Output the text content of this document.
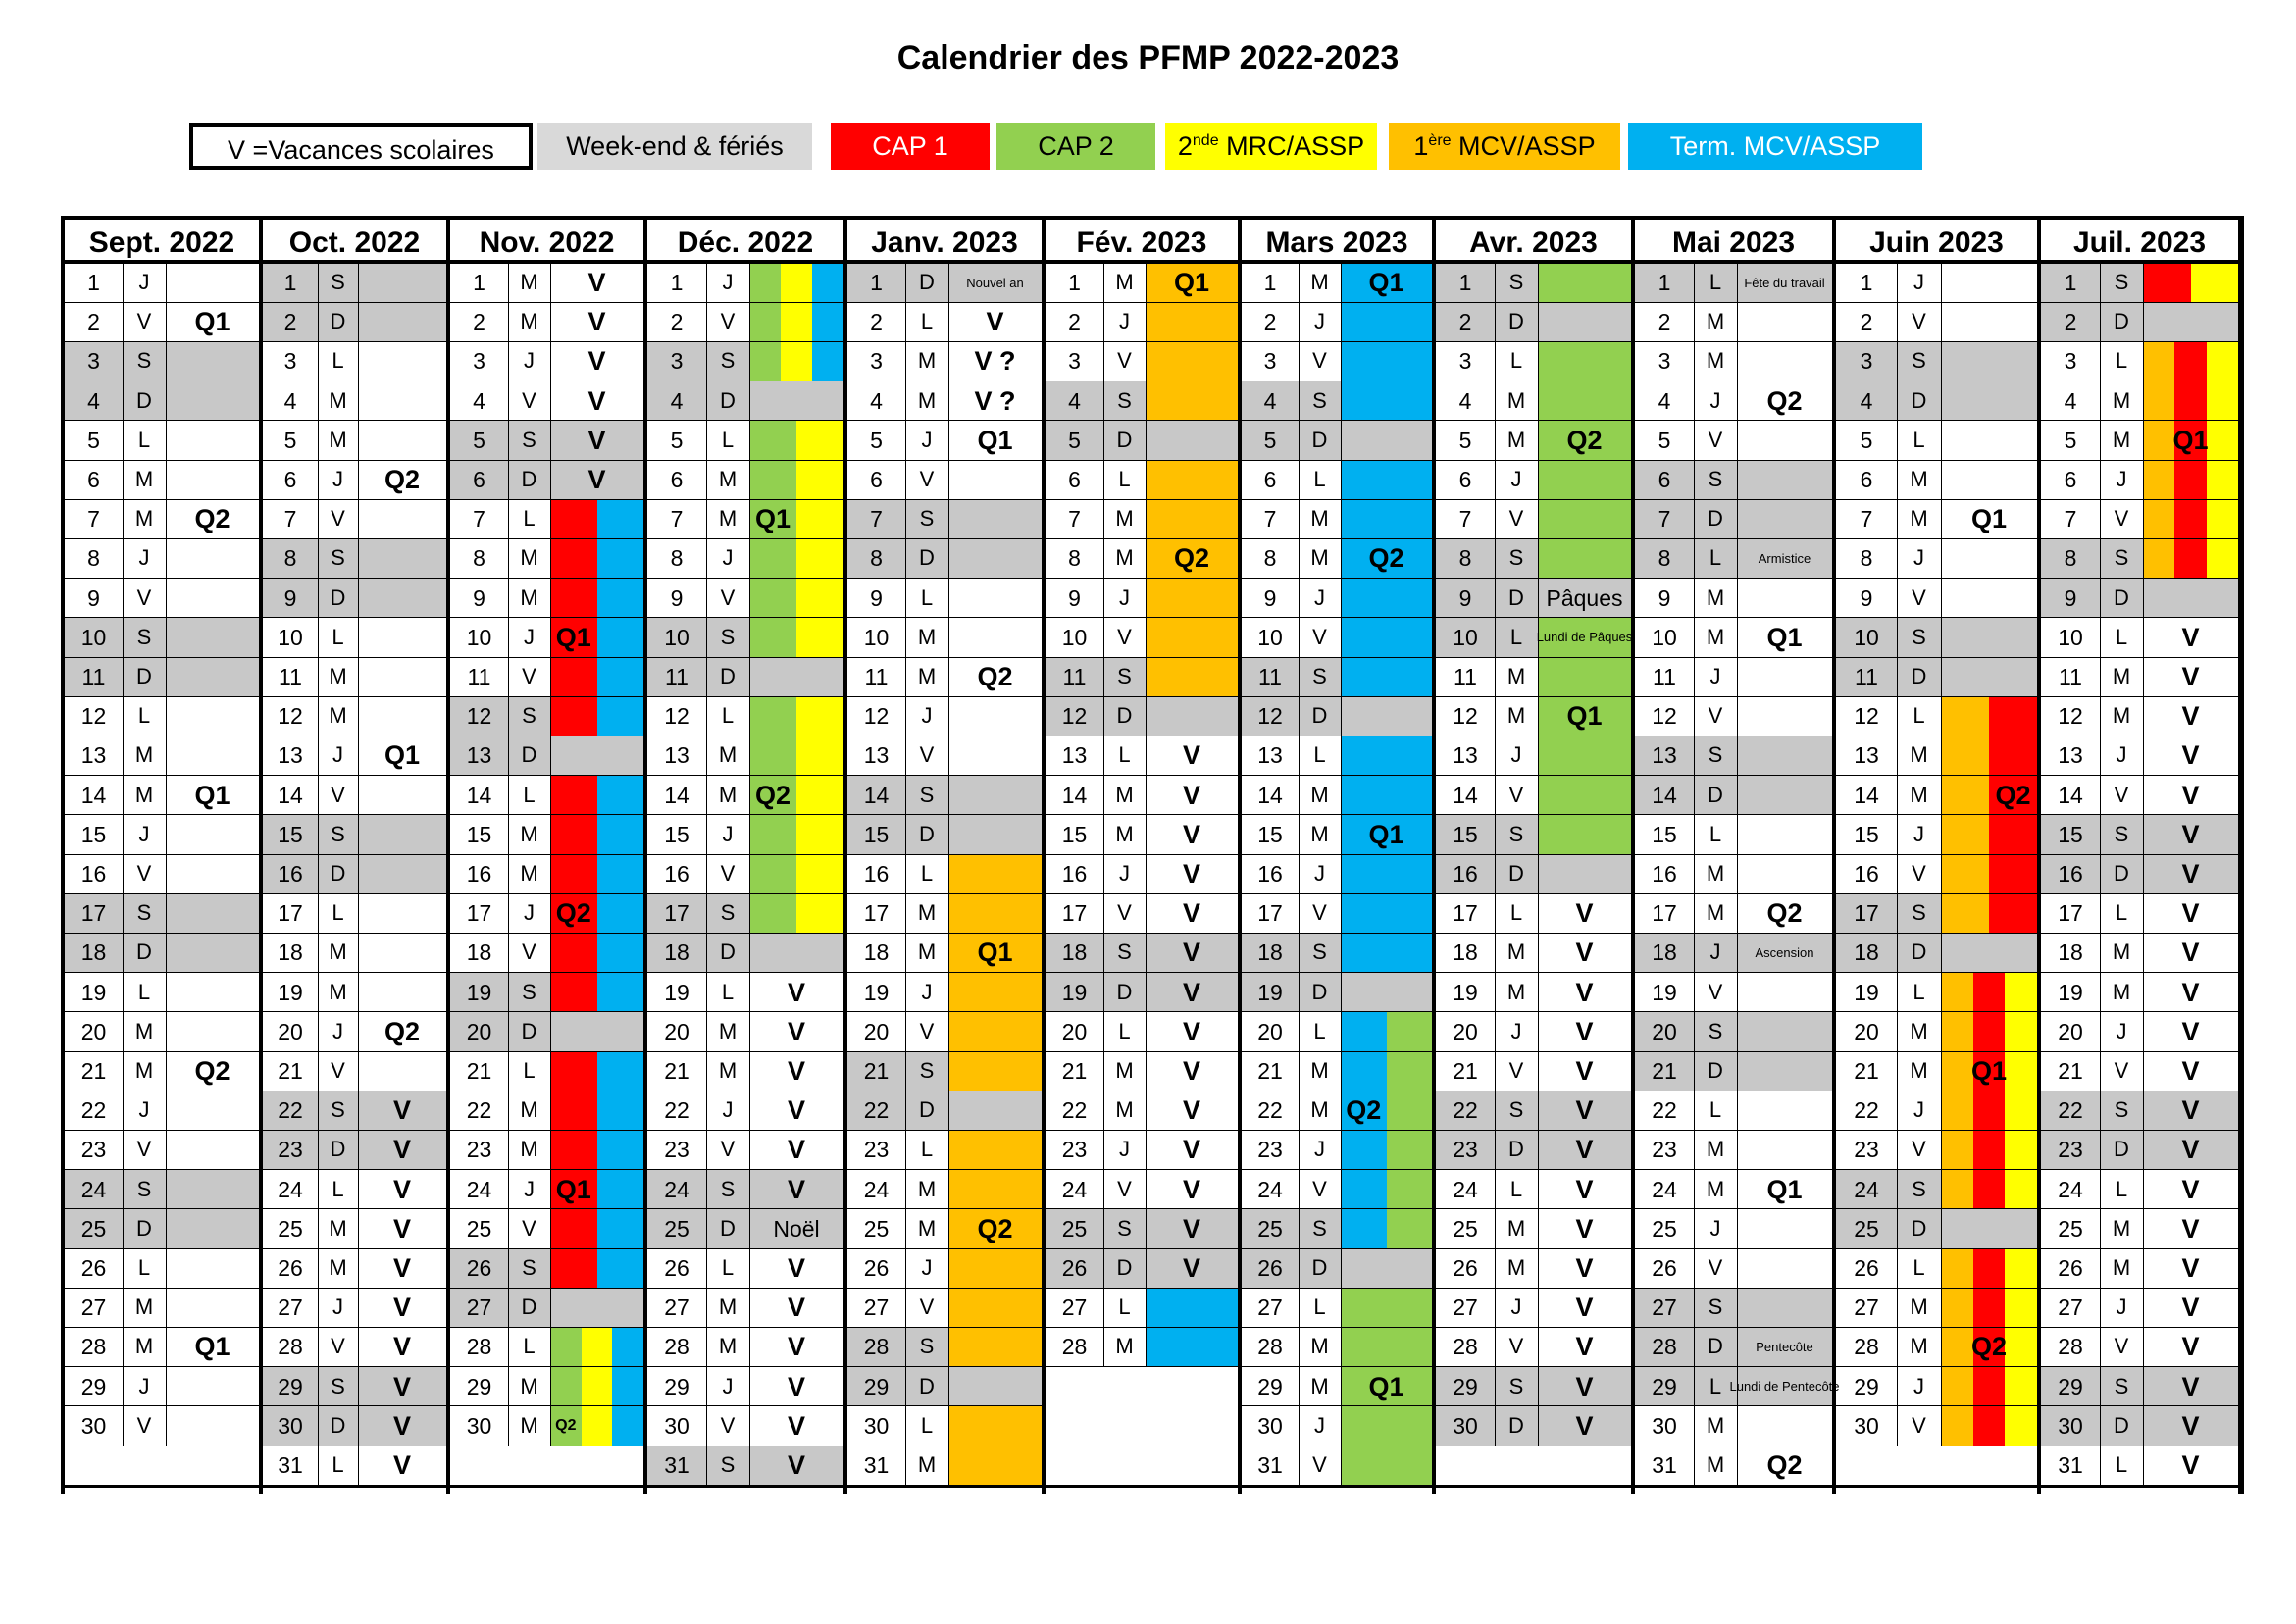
Calendrier des PFMP 2022-2023
V =Vacances scolaires	Week-end & fériés	CAP 1	CAP 2	2nde MRC/ASSP	1ère MCV/ASSP	Term. MCV/ASSP
Sept. 2022
1	J
2	V	Q1
3	S
4	D
5	L
6	M
7	M	Q2
8	J
9	V
10	S
11	D
12	L
13	M
14	M	Q1
15	J
16	V
17	S
18	D
19	L
20	M
21	M	Q2
22	J
23	V
24	S
25	D
26	L
27	M
28	M	Q1
29	J
30	V
Oct. 2022
1	S
2	D
3	L
4	M
5	M
6	J	Q2
7	V
8	S
9	D
10	L
11	M
12	M
13	J	Q1
14	V
15	S
16	D
17	L
18	M
19	M
20	J	Q2
21	V
22	S	V
23	D	V
24	L	V
25	M	V
26	M	V
27	J	V
28	V	V
29	S	V
30	D	V
31	L	V
Nov. 2022
1	M	V
2	M	V
3	J	V
4	V	V
5	S	V
6	D	V
7	L
8	M
9	M
10	J Q1
11	V
12	S
13	D
14	L
15	M
16	M
17	J Q2
18	V
19	S
20	D
21	L
22	M
23	M
24	J Q1
25	V
26	S
27	D
28	L
29	M
30	M	Q2
Déc. 2022
1	J
2	V
3	S
4	D
5	L
6	M
7	M Q1
8	J
9	V
10	S
11	D
12	L
13	M
14	M Q2
15	J
16	V
17	S
18	D
19	L	V
20	M	V
21	M	V
22	J	V
23	V	V
24	S	V
25	D	Noël
26	L	V
27	M	V
28	M	V
29	J	V
30	V	V
31	S	V
Janv. 2023
1	D	Nouvel an
2	L	V
3	M	V ?
4	M	V ?
5	J	Q1
6	V
7	S
8	D
9	L
10	M
11	M	Q2
12	J
13	V
14	S
15	D
16	L
17	M
18	M	Q1
19	J
20	V
21	S
22	D
23	L
24	M
25	M	Q2
26	J
27	V
28	S
29	D
30	L
31	M
Fév. 2023
1	M	Q1
2	J
3	V
4	S
5	D
6	L
7	M
8	M	Q2
9	J
10	V
11	S
12	D
13	L	V
14	M	V
15	M	V
16	J	V
17	V	V
18	S	V
19	D	V
20	L	V
21	M	V
22	M	V
23	J	V
24	V	V
25	S	V
26	D	V
27	L
28	M
Mars 2023
1	M	Q1
2	J
3	V
4	S
5	D
6	L
7	M
8	M	Q2
9	J
10	V
11	S
12	D
13	L
14	M
15	M	Q1
16	J
17	V
18	S
19	D
20	L
21	M
22	M Q2
23	J
24	V
25	S
26	D
27	L
28	M
29	M	Q1
30	J
31	V
Avr. 2023
1	S
2	D
3	L
4	M
5	M	Q2
6	J
7	V
8	S
9	D Pâques
10	L	Lundi de Pâques
11	M
12	M	Q1
13	J
14	V
15	S
16	D
17	L	V
18	M	V
19	M	V
20	J	V
21	V	V
22	S	V
23	D	V
24	L	V
25	M	V
26	M	V
27	J	V
28	V	V
29	S	V
30	D	V
Mai 2023
1	L	Fête du travail
2	M
3	M
4	J	Q2
5	V
6	S
7	D
8	L	Armistice
9	M
10	M	Q1
11	J
12	V
13	S
14	D
15	L
16	M
17	M	Q2
18	J	Ascension
19	V
20	S
21	D
22	L
23	M
24	M	Q1
25	J
26	V
27	S
28	D	Pentecôte
29	L Lundi de Pentecôte
30	M
31	M	Q2
Juin 2023
1	J
2	V
3	S
4	D
5	L
6	M
7	M	Q1
8	J
9	V
10	S
11	D
12	L
13	M
14	M	Q2
15	J
16	V
17	S
18	D
19	L
20	M
21	M	Q1
22	J
23	V
24	S
25	D
26	L
27	M
28	M	Q2
29	J
30	V
Juil. 2023
1	S
2	D
3	L
4	M
5	M	Q1
6	J
7	V
8	S
9	D
10	L	V
11	M	V
12	M	V
13	J	V
14	V	V
15	S	V
16	D	V
17	L	V
18	M	V
19	M	V
20	J	V
21	V	V
22	S	V
23	D	V
24	L	V
25	M	V
26	M	V
27	J	V
28	V	V
29	S	V
30	D	V
31	L	V
